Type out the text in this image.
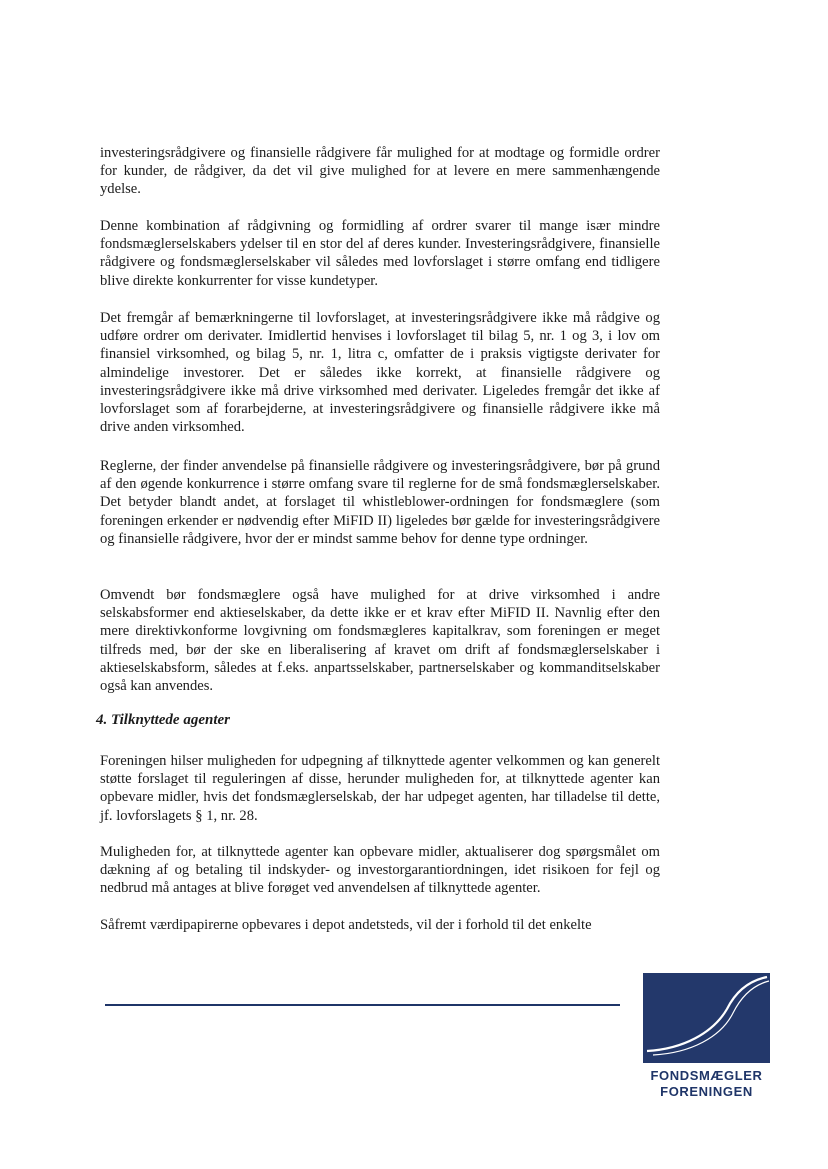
investeringsrådgivere og finansielle rådgivere får mulighed for at modtage og formidle ordrer for kunder, de rådgiver, da det vil give mulighed for at levere en mere sammenhængende ydelse.

Denne kombination af rådgivning og formidling af ordrer svarer til mange især mindre fondsmæglerselskabers ydelser til en stor del af deres kunder. Investeringsrådgivere, finansielle rådgivere og fondsmæglerselskaber vil således med lovforslaget i større omfang end tidligere blive direkte konkurrenter for visse kundetyper.

Det fremgår af bemærkningerne til lovforslaget, at investeringsrådgivere ikke må rådgive og udføre ordrer om derivater. Imidlertid henvises i lovforslaget til bilag 5, nr. 1 og 3, i lov om finansiel virksomhed, og bilag 5, nr. 1, litra c, omfatter de i praksis vigtigste derivater for almindelige investorer. Det er således ikke korrekt, at finansielle rådgivere og investeringsrådgivere ikke må drive virksomhed med derivater. Ligeledes fremgår det ikke af lovforslaget som af forarbejderne, at investeringsrådgivere og finansielle rådgivere ikke må drive anden virksomhed.

Reglerne, der finder anvendelse på finansielle rådgivere og investeringsrådgivere, bør på grund af den øgende konkurrence i større omfang svare til reglerne for de små fondsmæglerselskaber. Det betyder blandt andet, at forslaget til whistleblower-ordningen for fondsmæglere (som foreningen erkender er nødvendig efter MiFID II) ligeledes bør gælde for investeringsrådgivere og finansielle rådgivere, hvor der er mindst samme behov for denne type ordninger.

Omvendt bør fondsmæglere også have mulighed for at drive virksomhed i andre selskabsformer end aktieselskaber, da dette ikke er et krav efter MiFID II. Navnlig efter den mere direktivkonforme lovgivning om fondsmægleres kapitalkrav, som foreningen er meget tilfreds med, bør der ske en liberalisering af kravet om drift af fondsmæglerselskaber i aktieselskabsform, således at f.eks. anpartsselskaber, partnerselskaber og kommanditselskaber også kan anvendes.

4. Tilknyttede agenter

Foreningen hilser muligheden for udpegning af tilknyttede agenter velkommen og kan generelt støtte forslaget til reguleringen af disse, herunder muligheden for, at tilknyttede agenter kan opbevare midler, hvis det fondsmæglerselskab, der har udpeget agenten, har tilladelse til dette, jf. lovforslagets § 1, nr. 28.

Muligheden for, at tilknyttede agenter kan opbevare midler, aktualiserer dog spørgsmålet om dækning af og betaling til indskyder- og investorgarantiordningen, idet risikoen for fejl og nedbrud må antages at blive forøget ved anvendelsen af tilknyttede agenter.

Såfremt værdipapirerne opbevares i depot andetsteds, vil der i forhold til det enkelte

FONDSMÆGLER
FORENINGEN
